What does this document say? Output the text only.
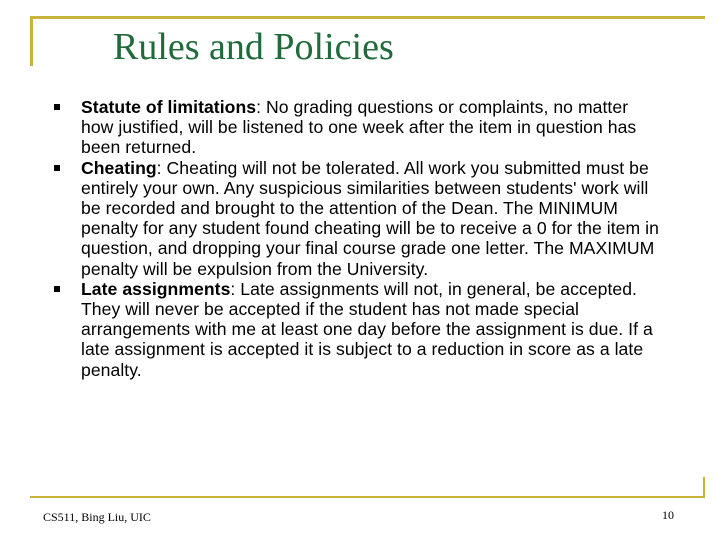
Rules and Policies
Statute of limitations: No grading questions or complaints, no matter how justified, will be listened to one week after the item in question has been returned.
Cheating: Cheating will not be tolerated. All work you submitted must be entirely your own. Any suspicious similarities between students' work will be recorded and brought to the attention of the Dean. The MINIMUM penalty for any student found cheating will be to receive a 0 for the item in question, and dropping your final course grade one letter. The MAXIMUM penalty will be expulsion from the University.
Late assignments: Late assignments will not, in general, be accepted. They will never be accepted if the student has not made special arrangements with me at least one day before the assignment is due. If a late assignment is accepted it is subject to a reduction in score as a late penalty.
CS511, Bing Liu, UIC	10
